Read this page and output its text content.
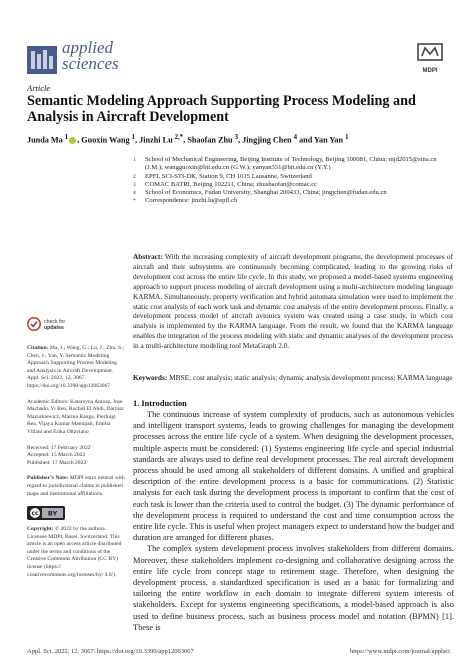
applied
sciences	MDPI
Article
Semantic Modeling Approach Supporting Process Modeling and Analysis in Aircraft Development
Junda Ma $^1$ , Guoxin Wang $^1$, Jinzhi Lu $^{2,*}$, Shaofan Zhu $^3$, Jingjing Chen $^4$ and Yan Yan $^1$
1	School of Mechanical Engineering, Beijing Institute of Technology, Beijing 100081, China; mjd2015@sina.cn (J.M.); wangguoxin@bit.edu.cn (G.W.); yanyan331@bit.edu.cn (Y.Y.)
2	EPFL SCI-STI-DK, Station 9, CH 1015 Lausanne, Switzerland
3	COMAC BATRI, Beijing 102211, China; zhushaofan@comac.cc
4	School of Economics, Fudan University, Shanghai 200433, China; jingjchen@fudan.edu.cn
*	Correspondence: jinzhi.lu@epfl.ch
Abstract: With the increasing complexity of aircraft development programs, the development processes of aircraft and their subsystems are continuously becoming complicated, leading to the growing risks of development cost across the entire life cycle. In this study, we proposed a model-based systems engineering approach to support process modeling of aircraft development using a multi-architecture modeling language KARMA. Simultaneously, property verification and hybrid automata simulation were used to implement the static cost analysis of each work task and dynamic cost analysis of the entire development process. Finally, a development process model of aircraft avionics system was created using a case study, in which cost analysis is implemented by the KARMA language. From the result, we found that the KARMA language enables the integration of the process modeling with static and dynamic analyses of the development process in a multi-architecture modeling tool MetaGraph 2.0.
Keywords: MBSE; cost analysis; static analysis; dynamic analysis development process; KARMA language
check for
updates
Citation: Ma, J.; Wang, G.; Lu, J.; Zhu, S.; Chen, J.; Yan, Y. Semantic Modeling Approach Supporting Process Modeling and Analysis in Aircraft Development. Appl. Sci. 2022, 12, 3067. https://doi.org/10.3390/app12063067
Academic Editors: Katarzyna Antosz, Jose Machado, Yi Ren, Rochdi El Abdi, Dariusz Mazurkiewicz, Marina Ranga, Pierluigi Rea, Vijaya Kumar Manupati, Emilia Villani and Erika Ottaviano
Received: 17 February 2022
Accepted: 15 March 2022
Published: 17 March 2022
Publisher’s Note: MDPI stays neutral with regard to jurisdictional claims in published maps and institutional affiliations.
cc BY
Copyright: © 2022 by the authors. Licensee MDPI, Basel, Switzerland. This article is an open access article distributed under the terms and conditions of the Creative Commons Attribution (CC BY) license (https:// creativecommons.org/licenses/by/ 4.0/).
1. Introduction

The continuous increase of system complexity of products, such as autonomous vehicles and intelligent transport systems, leads to growing challenges for managing the development processes across the entire life cycle of a system. When designing the development processes, multiple aspects must be considered: (1) Systems engineering life cycle and special industrial standards are always used to define real development processes. The real aircraft development process should be used among all stakeholders of different domains. A unified and graphical description of the entire development process is a basic for communications. (2) Statistic analysis for each task during the development process is important to confirm that the cost of each task is lower than the criteria used to control the budget. (3) The dynamic performance of the development process is required to understand the cost and time consumption across the entire life cycle. This is useful when project managers expect to understand how the budget and duration are arranged for different phases.

The complex system development process involves stakeholders from different domains. Moreover, these stakeholders implement co-designing and collaborative designing across the entire life cycle from concept stage to retirement stage. Therefore, when designing the development process, a standardized specification is used as a basic for formalizing and tailoring the entire workflow in each domain to integrate different system interests of stakeholders. Except for systems engineering specifications, a model-based approach is also used to define business process, such as business process model and notation (BPMN) [1]. These is

Appl. Sci. 2022, 12, 3067. https://doi.org/10.3390/app12063067	https://www.mdpi.com/journal/applsci
